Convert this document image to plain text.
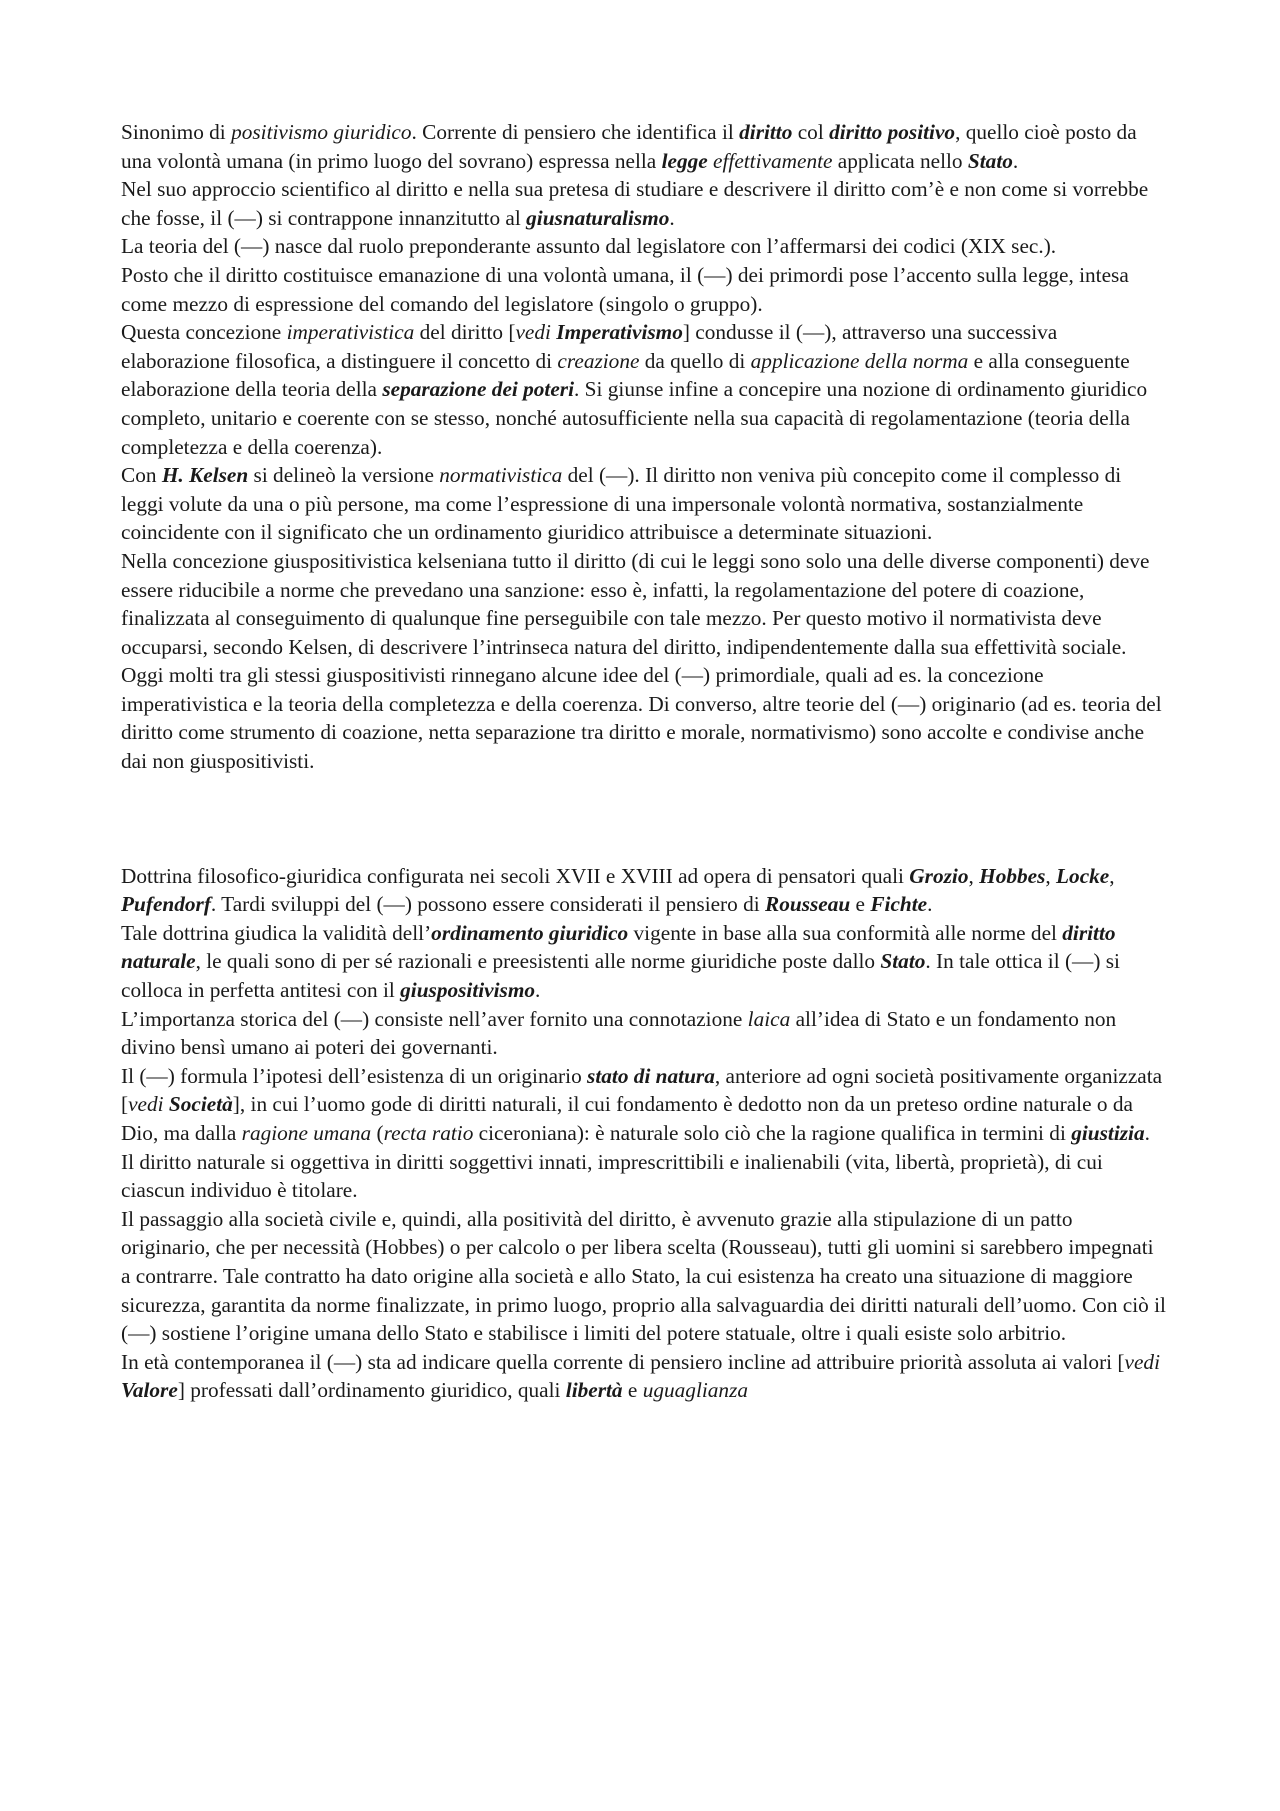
Sinonimo di positivismo giuridico. Corrente di pensiero che identifica il diritto col diritto positivo, quello cioè posto da una volontà umana (in primo luogo del sovrano) espressa nella legge effettivamente applicata nello Stato.

Nel suo approccio scientifico al diritto e nella sua pretesa di studiare e descrivere il diritto com’è e non come si vorrebbe che fosse, il (—) si contrappone innanzitutto al giusnaturalismo.

La teoria del (—) nasce dal ruolo preponderante assunto dal legislatore con l’affermarsi dei codici (XIX sec.).

Posto che il diritto costituisce emanazione di una volontà umana, il (—) dei primordi pose l’accento sulla legge, intesa come mezzo di espressione del comando del legislatore (singolo o gruppo).

Questa concezione imperativistica del diritto [vedi Imperativismo] condusse il (—), attraverso una successiva elaborazione filosofica, a distinguere il concetto di creazione da quello di applicazione della norma e alla conseguente elaborazione della teoria della separazione dei poteri. Si giunse infine a concepire una nozione di ordinamento giuridico completo, unitario e coerente con se stesso, nonché autosufficiente nella sua capacità di regolamentazione (teoria della completezza e della coerenza).

Con H. Kelsen si delineò la versione normativistica del (—). Il diritto non veniva più concepito come il complesso di leggi volute da una o più persone, ma come l’espressione di una impersonale volontà normativa, sostanzialmente coincidente con il significato che un ordinamento giuridico attribuisce a determinate situazioni.

Nella concezione giuspositivistica kelseniana tutto il diritto (di cui le leggi sono solo una delle diverse componenti) deve essere riducibile a norme che prevedano una sanzione: esso è, infatti, la regolamentazione del potere di coazione, finalizzata al conseguimento di qualunque fine perseguibile con tale mezzo. Per questo motivo il normativista deve occuparsi, secondo Kelsen, di descrivere l’intrinseca natura del diritto, indipendentemente dalla sua effettività sociale.

Oggi molti tra gli stessi giuspositivisti rinnegano alcune idee del (—) primordiale, quali ad es. la concezione imperativistica e la teoria della completezza e della coerenza. Di converso, altre teorie del (—) originario (ad es. teoria del diritto come strumento di coazione, netta separazione tra diritto e morale, normativismo) sono accolte e condivise anche dai non giuspositivisti.

Dottrina filosofico-giuridica configurata nei secoli XVII e XVIII ad opera di pensatori quali Grozio, Hobbes, Locke, Pufendorf. Tardi sviluppi del (—) possono essere considerati il pensiero di Rousseau e Fichte.

Tale dottrina giudica la validità dell’ordinamento giuridico vigente in base alla sua conformità alle norme del diritto naturale, le quali sono di per sé razionali e preesistenti alle norme giuridiche poste dallo Stato. In tale ottica il (—) si colloca in perfetta antitesi con il giuspositivismo.

L’importanza storica del (—) consiste nell’aver fornito una connotazione laica all’idea di Stato e un fondamento non divino bensì umano ai poteri dei governanti.

Il (—) formula l’ipotesi dell’esistenza di un originario stato di natura, anteriore ad ogni società positivamente organizzata [vedi Società], in cui l’uomo gode di diritti naturali, il cui fondamento è dedotto non da un preteso ordine naturale o da Dio, ma dalla ragione umana (recta ratio ciceroniana): è naturale solo ciò che la ragione qualifica in termini di giustizia. Il diritto naturale si oggettiva in diritti soggettivi innati, imprescrittibili e inalienabili (vita, libertà, proprietà), di cui ciascun individuo è titolare.

Il passaggio alla società civile e, quindi, alla positività del diritto, è avvenuto grazie alla stipulazione di un patto originario, che per necessità (Hobbes) o per calcolo o per libera scelta (Rousseau), tutti gli uomini si sarebbero impegnati a contrarre. Tale contratto ha dato origine alla società e allo Stato, la cui esistenza ha creato una situazione di maggiore sicurezza, garantita da norme finalizzate, in primo luogo, proprio alla salvaguardia dei diritti naturali dell’uomo. Con ciò il (—) sostiene l’origine umana dello Stato e stabilisce i limiti del potere statuale, oltre i quali esiste solo arbitrio.

In età contemporanea il (—) sta ad indicare quella corrente di pensiero incline ad attribuire priorità assoluta ai valori [vedi Valore] professati dall’ordinamento giuridico, quali libertà e uguaglianza
